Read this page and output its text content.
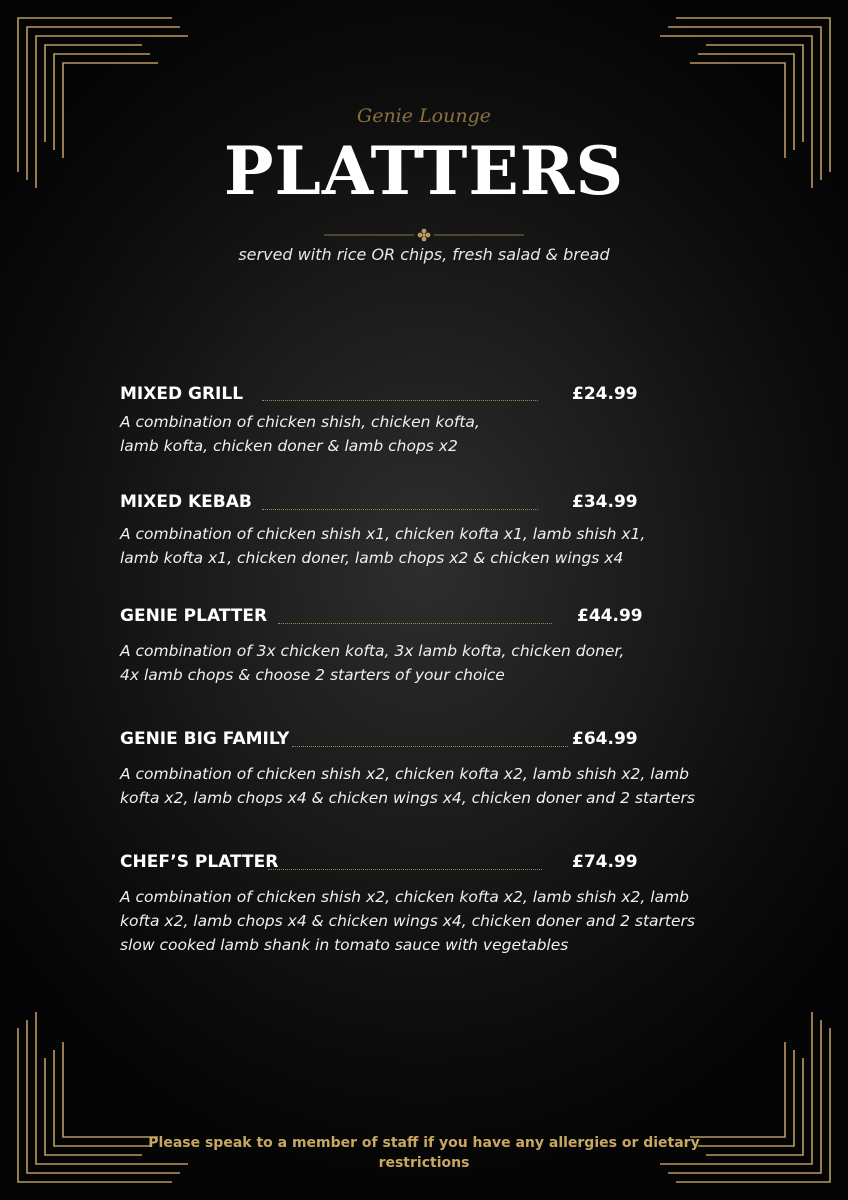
Genie Lounge
PLATTERS
served with rice OR chips, fresh salad & bread
MIXED GRILL	£24.99
A combination of chicken shish, chicken kofta,
lamb kofta, chicken doner & lamb chops x2
MIXED KEBAB	£34.99
A combination of chicken shish x1, chicken kofta x1, lamb shish x1,
lamb kofta x1, chicken doner, lamb chops x2 & chicken wings x4
GENIE PLATTER	£44.99
A combination of 3x chicken kofta, 3x lamb kofta, chicken doner,
4x lamb chops & choose 2 starters of your choice
GENIE BIG FAMILY	£64.99
A combination of chicken shish x2, chicken kofta x2, lamb shish x2, lamb
kofta x2, lamb chops x4 & chicken wings x4, chicken doner and 2 starters
CHEF’S PLATTER	£74.99
A combination of chicken shish x2, chicken kofta x2, lamb shish x2, lamb
kofta x2, lamb chops x4 & chicken wings x4, chicken doner and 2 starters
slow cooked lamb shank in tomato sauce with vegetables
Please speak to a member of staff if you have any allergies or dietary restrictions
